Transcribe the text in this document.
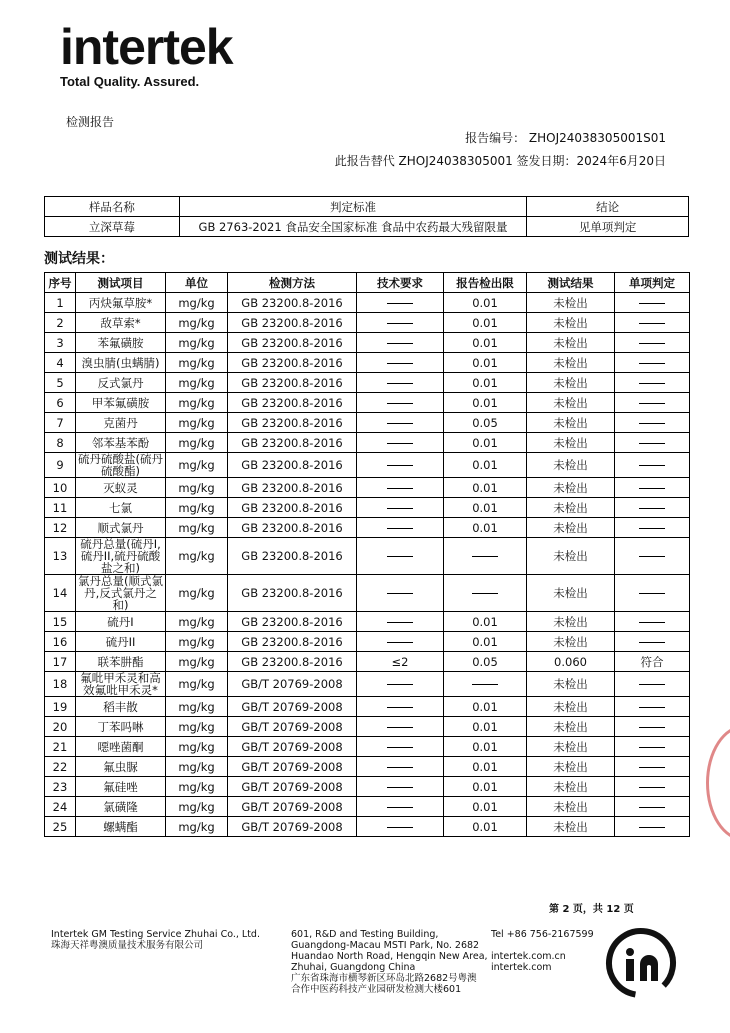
intertek
Total Quality. Assured.
检测报告
报告编号： ZHOJ24038305001S01
此报告替代 ZHOJ24038305001 签发日期：2024年6月20日
样品名称	判定标准	结论
立深草莓	GB 2763-2021 食品安全国家标准 食品中农药最大残留限量	见单项判定
测试结果：
序号	测试项目	单位	检测方法	技术要求	报告检出限	测试结果	单项判定
1	丙炔氟草胺*	mg/kg	GB 23200.8-2016		0.01	未检出	
2	敌草索*	mg/kg	GB 23200.8-2016		0.01	未检出	
3	苯氟磺胺	mg/kg	GB 23200.8-2016		0.01	未检出	
4	溴虫腈(虫螨腈)	mg/kg	GB 23200.8-2016		0.01	未检出	
5	反式氯丹	mg/kg	GB 23200.8-2016		0.01	未检出	
6	甲苯氟磺胺	mg/kg	GB 23200.8-2016		0.01	未检出	
7	克菌丹	mg/kg	GB 23200.8-2016		0.05	未检出	
8	邻苯基苯酚	mg/kg	GB 23200.8-2016		0.01	未检出	
9	硫丹硫酸盐(硫丹硫酸酯)	mg/kg	GB 23200.8-2016		0.01	未检出	
10	灭蚁灵	mg/kg	GB 23200.8-2016		0.01	未检出	
11	七氯	mg/kg	GB 23200.8-2016		0.01	未检出	
12	顺式氯丹	mg/kg	GB 23200.8-2016		0.01	未检出	
13	硫丹总量(硫丹I,硫丹II,硫丹硫酸盐之和)	mg/kg	GB 23200.8-2016			未检出	
14	氯丹总量(顺式氯丹,反式氯丹之和)	mg/kg	GB 23200.8-2016			未检出	
15	硫丹I	mg/kg	GB 23200.8-2016		0.01	未检出	
16	硫丹II	mg/kg	GB 23200.8-2016		0.01	未检出	
17	联苯肼酯	mg/kg	GB 23200.8-2016	≤2	0.05	0.060	符合
18	氟吡甲禾灵和高效氟吡甲禾灵*	mg/kg	GB/T 20769-2008			未检出	
19	稻丰散	mg/kg	GB/T 20769-2008		0.01	未检出	
20	丁苯吗啉	mg/kg	GB/T 20769-2008		0.01	未检出	
21	噁唑菌酮	mg/kg	GB/T 20769-2008		0.01	未检出	
22	氟虫脲	mg/kg	GB/T 20769-2008		0.01	未检出	
23	氟硅唑	mg/kg	GB/T 20769-2008		0.01	未检出	
24	氯磺隆	mg/kg	GB/T 20769-2008		0.01	未检出	
25	螺螨酯	mg/kg	GB/T 20769-2008		0.01	未检出	
第 2 页，共 12 页
Intertek GM Testing Service Zhuhai Co., Ltd.
珠海天祥粤澳质量技术服务有限公司
601, R&D and Testing Building,
Guangdong-Macau MSTI Park, No. 2682
Huandao North Road, Hengqin New Area,
Zhuhai, Guangdong China
广东省珠海市横琴新区环岛北路2682号粤澳
合作中医药科技产业园研发检测大楼601
Tel +86 756-2167599
intertek.com.cn
intertek.com
